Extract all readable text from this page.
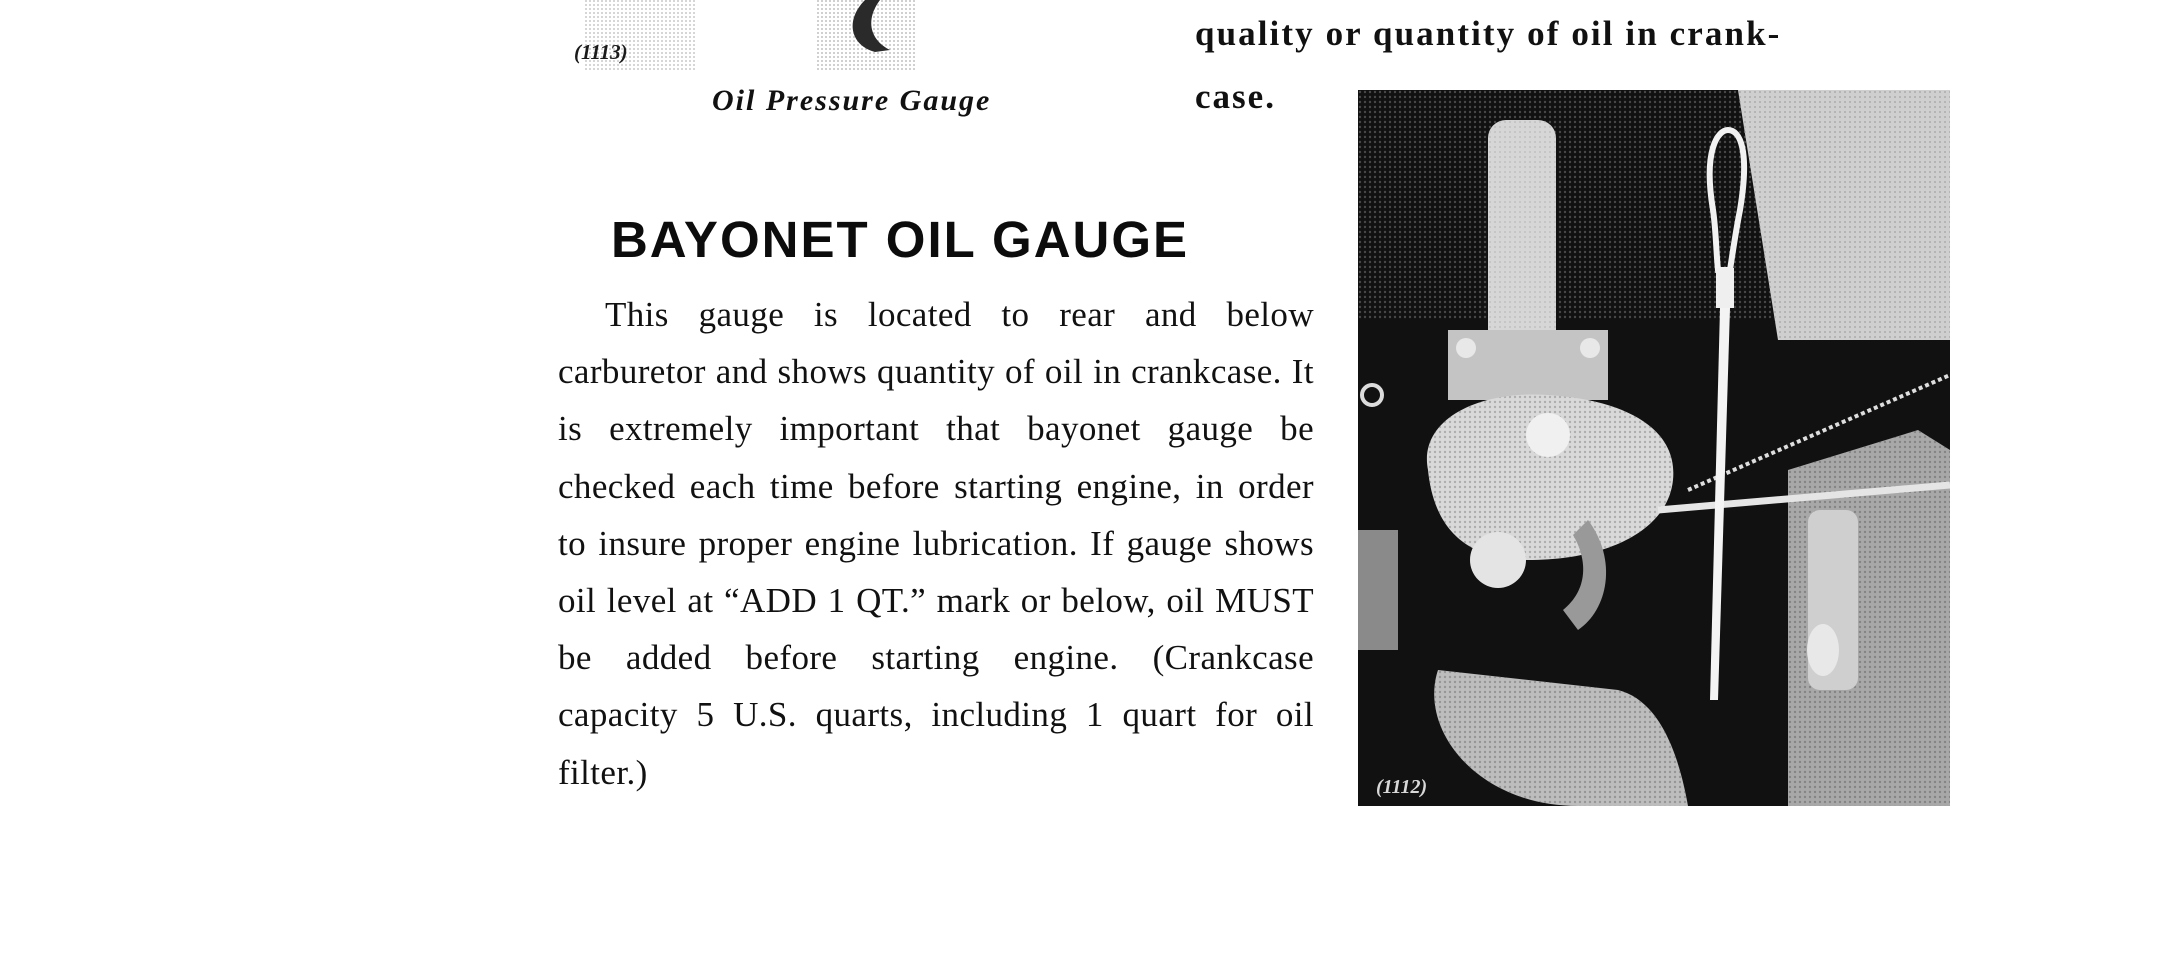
(1113)
Oil Pressure Gauge
quality or quantity of oil in crank-
case.
BAYONET OIL GAUGE
This gauge is located to rear and below carburetor and shows quantity of oil in crankcase. It is extremely important that bayonet gauge be checked each time before starting engine, in order to insure proper engine lubrication. If gauge shows oil level at “ADD 1 QT.” mark or below, oil MUST be added before starting engine. (Crankcase capacity 5 U.S. quarts, including 1 quart for oil filter.)	(1112)
